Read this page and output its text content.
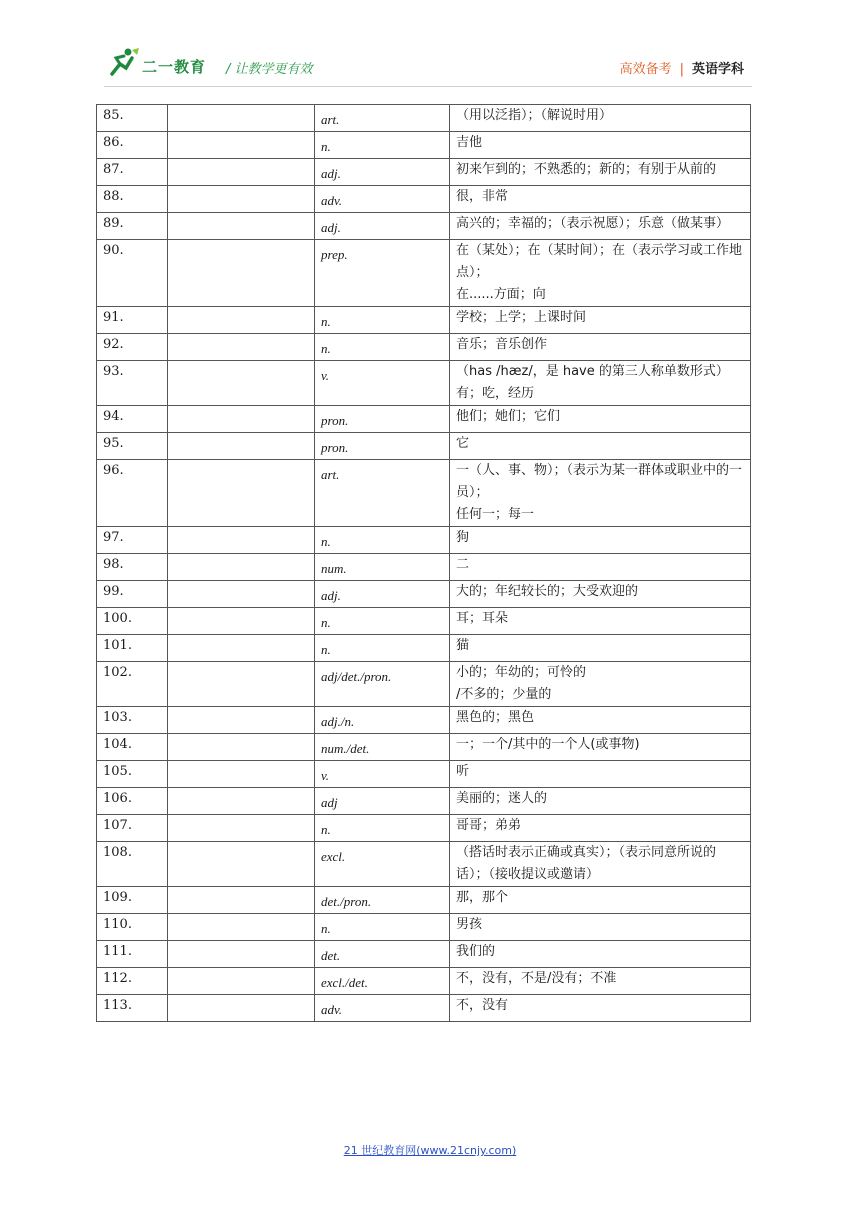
二一教育 / 让教学更有效	高效备考 | 英语学科
85.		art.	（用以泛指）；（解说时用）

86.		n.	吉他

87.		adj.	初来乍到的；不熟悉的；新的；有别于从前的

88.		adv.	很，非常

89.		adj.	高兴的；幸福的；（表示祝愿）；乐意（做某事）

90.		prep.	在（某处）；在（某时间）；在（表示学习或工作地点）；
在......方面；向

91.		n.	学校；上学；上课时间

92.		n.	音乐；音乐创作

93.		v.	（has /hæz/，是 have 的第三人称单数形式）有；吃，经历

94.		pron.	他们；她们；它们

95.		pron.	它

96.		art.	一（人、事、物）；（表示为某一群体或职业中的一员）；
任何一；每一

97.		n.	狗

98.		num.	二

99.		adj.	大的；年纪较长的；大受欢迎的

100.		n.	耳；耳朵

101.		n.	猫

102.		adj/det./pron.	小的；年幼的；可怜的
/不多的；少量的

103.		adj./n.	黑色的；黑色

104.		num./det.	一；一个/其中的一个人(或事物)

105.		v.	听

106.		adj	美丽的；迷人的

107.		n.	哥哥；弟弟

108.		excl.	（搭话时表示正确或真实）；（表示同意所说的话）；（接收提议或邀请）

109.		det./pron.	那，那个

110.		n.	男孩

111.		det.	我们的

112.		excl./det.	不，没有，不是/没有；不准

113.		adv.	不，没有
21 世纪教育网(www.21cnjy.com)
